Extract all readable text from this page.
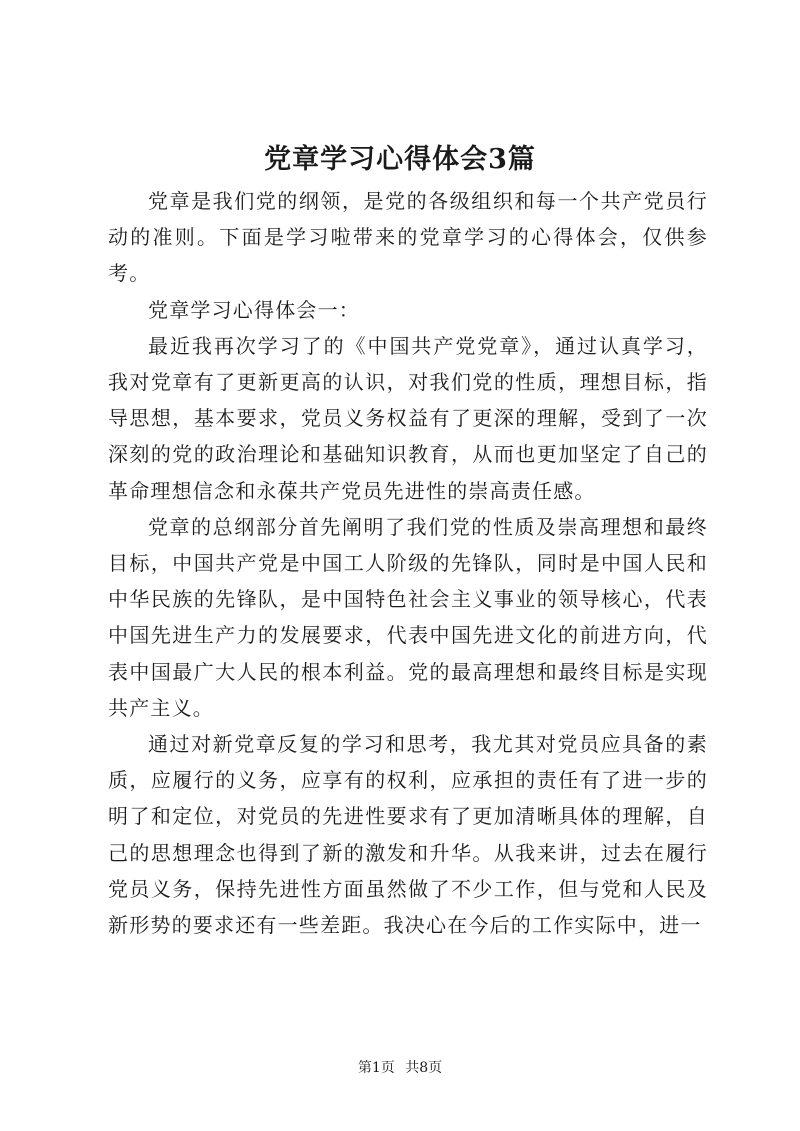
党章学习心得体会3篇

党章是我们党的纲领，是党的各级组织和每一个共产党员行动的准则。下面是学习啦带来的党章学习的心得体会，仅供参考。

党章学习心得体会一：

最近我再次学习了的《中国共产党党章》，通过认真学习，我对党章有了更新更高的认识，对我们党的性质，理想目标，指导思想，基本要求，党员义务权益有了更深的理解，受到了一次深刻的党的政治理论和基础知识教育，从而也更加坚定了自己的革命理想信念和永葆共产党员先进性的崇高责任感。

党章的总纲部分首先阐明了我们党的性质及崇高理想和最终目标，中国共产党是中国工人阶级的先锋队，同时是中国人民和中华民族的先锋队，是中国特色社会主义事业的领导核心，代表中国先进生产力的发展要求，代表中国先进文化的前进方向，代表中国最广大人民的根本利益。党的最高理想和最终目标是实现共产主义。

通过对新党章反复的学习和思考，我尤其对党员应具备的素质，应履行的义务，应享有的权利，应承担的责任有了进一步的明了和定位，对党员的先进性要求有了更加清晰具体的理解，自己的思想理念也得到了新的激发和升华。从我来讲，过去在履行党员义务，保持先进性方面虽然做了不少工作，但与党和人民及新形势的要求还有一些差距。我决心在今后的工作实际中，进一

第1页 共8页
